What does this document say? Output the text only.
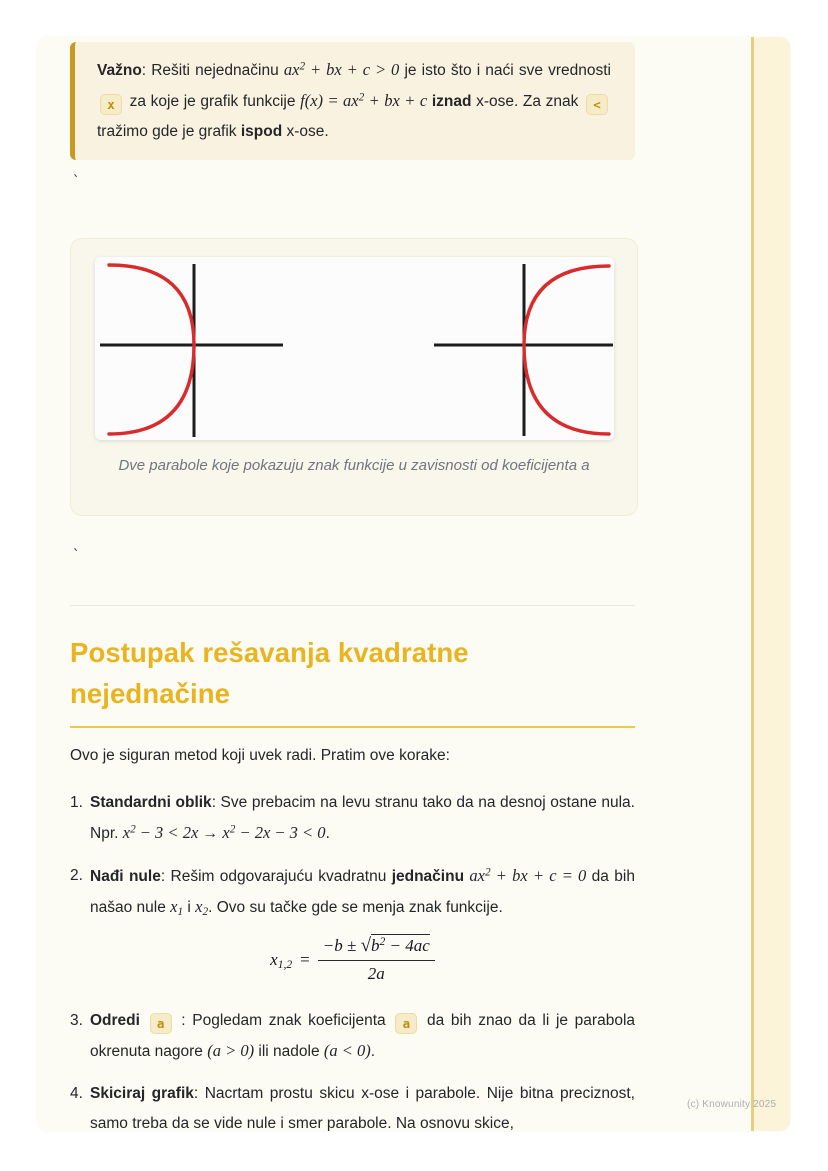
Važno: Rešiti nejednačinu $ax^2$ + bx + c > 0 je isto što i naći sve vrednosti x za koje je grafik funkcije $f(x) = ax^2$ + bx + c iznad x-ose. Za znak < tražimo gde je grafik ispod x-ose.

`
Dve parabole koje pokazuju znak funkcije u zavisnosti od koeficijenta a
`
Postupak rešavanja kvadratne nejednačine

Ovo je siguran metod koji uvek radi. Pratim ove korake:

1. Standardni oblik: Sve prebacim na levu stranu tako da na desnoj ostane nula. Npr. $x^2 - 3 < 2x \to x^2 - 2x - 3 < 0$.
2. Nađi nule: Rešim odgovarajuću kvadratnu jednačinu $ax^2$ + bx + c = 0 da bih našao nule $x_1$ i $x_2$. Ovo su tačke gde se menja znak funkcije.
$x_{1,2} = \frac{-b \pm √b^2 - 4ac}{2a}$
3. Odredi a : Pogledam znak koeficijenta a da bih znao da li je parabola okrenuta nagore (a > 0) ili nadole (a < 0).
4. Skiciraj grafik: Nacrtam prostu skicu x-ose i parabole. Nije bitna preciznost, samo treba da se vide nule i smer parabole. Na osnovu skice,
(c) Knowunity 2025
